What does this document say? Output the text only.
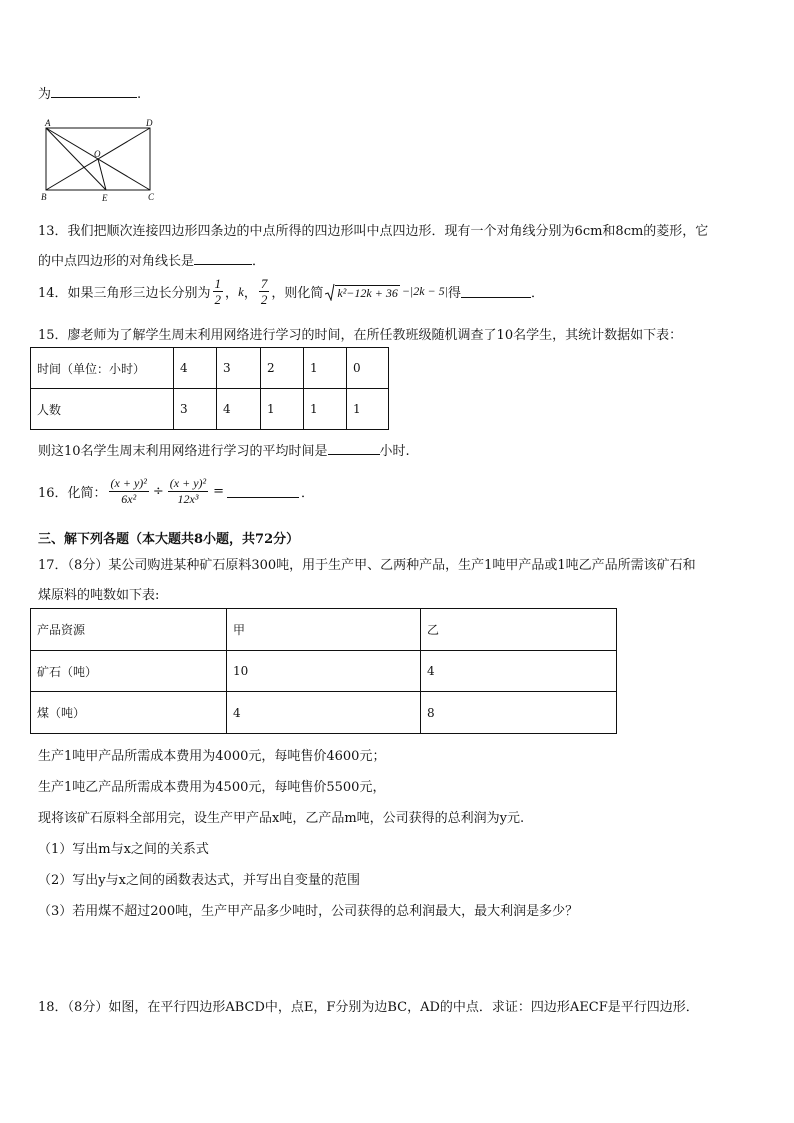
为	.
A	D
O
B	E	C
13．我们把顺次连接四边形四条边的中点所得的四边形叫中点四边形．现有一个对角线分别为6cm和8cm的菱形，它
的中点四边形的对角线长是	．
14．如果三角形三边长分别为 $\frac{1}{2}$ ， k ， $\frac{7}{2}$ ，则化简 k²−12k + 36 −|2k − 5| 得	．
15．廖老师为了解学生周末利用网络进行学习的时间，在所任教班级随机调查了10名学生，其统计数据如下表：
时间（单位：小时）	4	3	2	1	0
人数	3	4	1	1	1
则这10名学生周末利用网络进行学习的平均时间是	小时.
16．化简： $\frac{\text{(x + y)²}}{\text{6x²}} \div \frac{\text{(x + y)²}}{\text{12x³}}$ =	．
三、解下列各题（本大题共8小题，共72分）
17．（8分）某公司购进某种矿石原料300吨，用于生产甲、乙两种产品，生产1吨甲产品或1吨乙产品所需该矿石和
煤原料的吨数如下表:
产品资源	甲	乙
矿石（吨）	10	4
煤（吨）	4	8
生产1吨甲产品所需成本费用为4000元，每吨售价4600元；
生产1吨乙产品所需成本费用为4500元，每吨售价5500元，
现将该矿石原料全部用完，设生产甲产品x吨，乙产品m吨，公司获得的总利润为y元.
（1）写出m与x之间的关系式
（2）写出y与x之间的函数表达式，并写出自变量的范围
（3）若用煤不超过200吨，生产甲产品多少吨时，公司获得的总利润最大，最大利润是多少？
18．（8分）如图，在平行四边形ABCD中，点E，F分别为边BC，AD的中点．求证：四边形AECF是平行四边形．
